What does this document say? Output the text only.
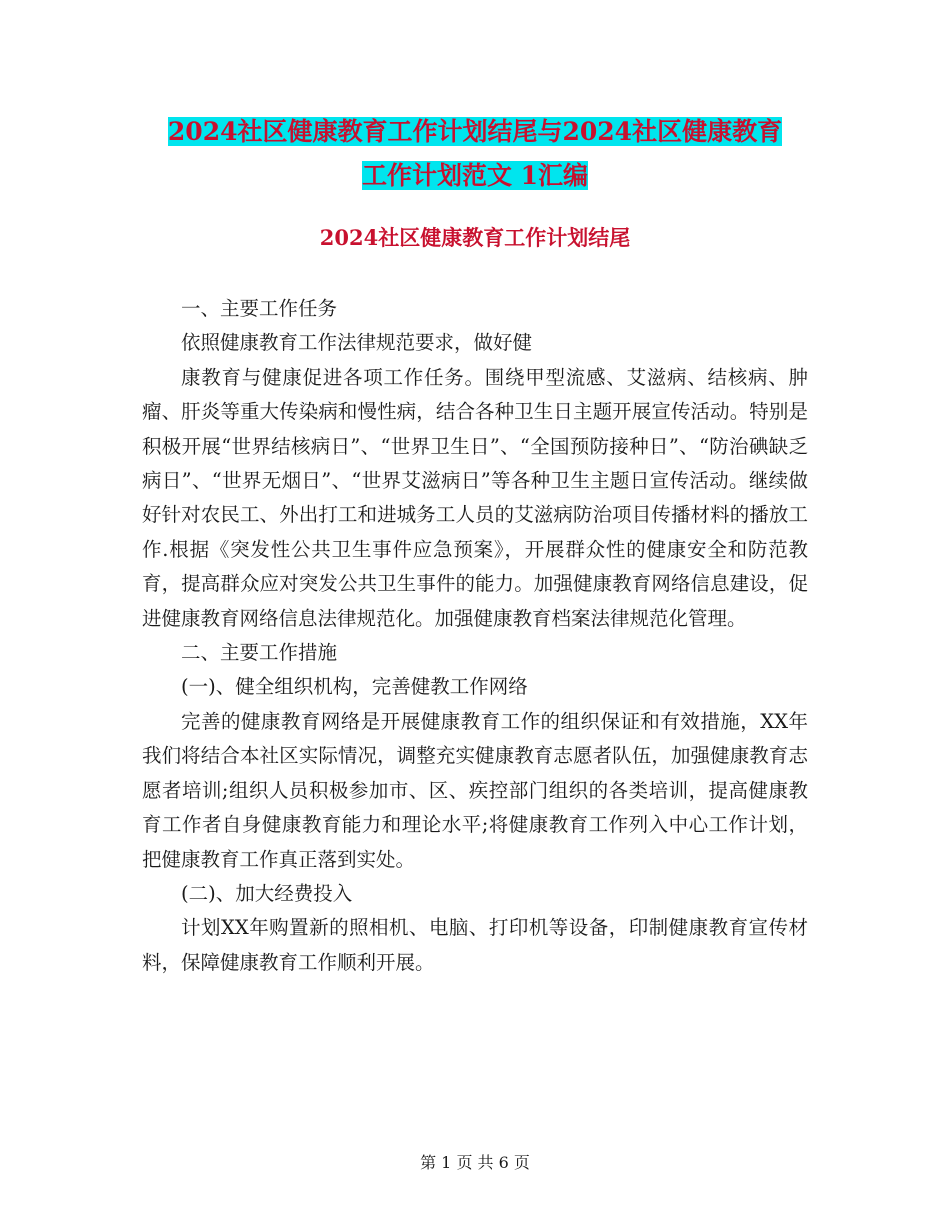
2024社区健康教育工作计划结尾与2024社区健康教育
工作计划范文 1汇编
2024社区健康教育工作计划结尾

一、主要工作任务

依照健康教育工作法律规范要求，做好健

康教育与健康促进各项工作任务。围绕甲型流感、艾滋病、结核病、肿瘤、肝炎等重大传染病和慢性病，结合各种卫生日主题开展宣传活动。特别是积极开展“世界结核病日”、“世界卫生日”、“全国预防接种日”、“防治碘缺乏病日”、“世界无烟日”、“世界艾滋病日”等各种卫生主题日宣传活动。继续做好针对农民工、外出打工和进城务工人员的艾滋病防治项目传播材料的播放工作.根据《突发性公共卫生事件应急预案》，开展群众性的健康安全和防范教育，提高群众应对突发公共卫生事件的能力。加强健康教育网络信息建设，促进健康教育网络信息法律规范化。加强健康教育档案法律规范化管理。

二、主要工作措施

(一)、健全组织机构，完善健教工作网络

完善的健康教育网络是开展健康教育工作的组织保证和有效措施，XX年我们将结合本社区实际情况，调整充实健康教育志愿者队伍，加强健康教育志愿者培训;组织人员积极参加市、区、疾控部门组织的各类培训，提高健康教育工作者自身健康教育能力和理论水平;将健康教育工作列入中心工作计划，把健康教育工作真正落到实处。

(二)、加大经费投入

计划XX年购置新的照相机、电脑、打印机等设备，印制健康教育宣传材料，保障健康教育工作顺利开展。

第 1 页 共 6 页
